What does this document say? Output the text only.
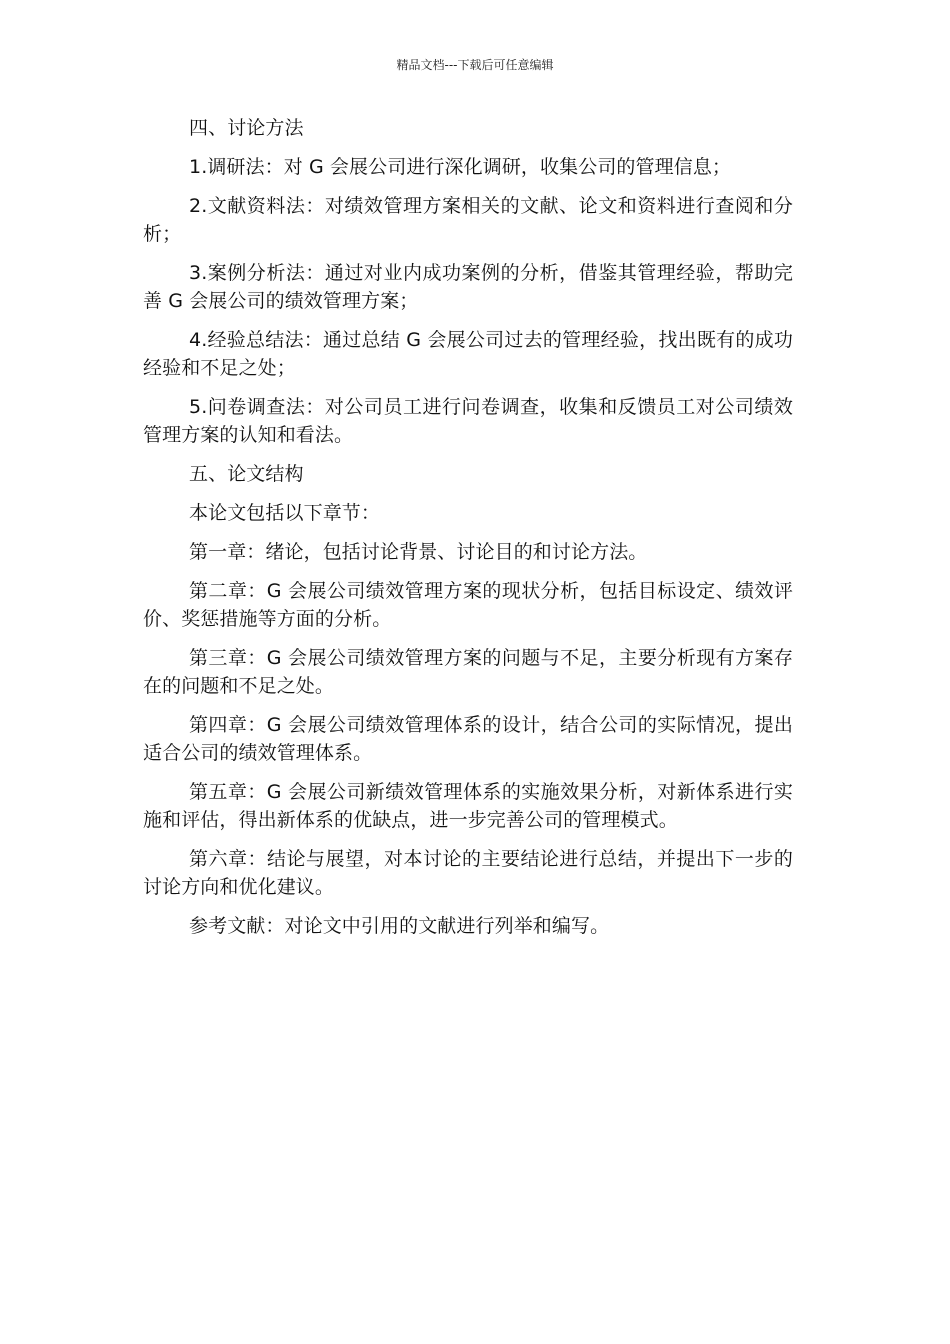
精品文档---下载后可任意编辑

四、讨论方法

1.调研法：对 G 会展公司进行深化调研，收集公司的管理信息；

2.文献资料法：对绩效管理方案相关的文献、论文和资料进行查阅和分析；

3.案例分析法：通过对业内成功案例的分析，借鉴其管理经验，帮助完善 G 会展公司的绩效管理方案；

4.经验总结法：通过总结 G 会展公司过去的管理经验，找出既有的成功经验和不足之处；

5.问卷调查法：对公司员工进行问卷调查，收集和反馈员工对公司绩效管理方案的认知和看法。

五、论文结构

本论文包括以下章节：

第一章：绪论，包括讨论背景、讨论目的和讨论方法。

第二章：G 会展公司绩效管理方案的现状分析，包括目标设定、绩效评价、奖惩措施等方面的分析。

第三章：G 会展公司绩效管理方案的问题与不足，主要分析现有方案存在的问题和不足之处。

第四章：G 会展公司绩效管理体系的设计，结合公司的实际情况，提出适合公司的绩效管理体系。

第五章：G 会展公司新绩效管理体系的实施效果分析，对新体系进行实施和评估，得出新体系的优缺点，进一步完善公司的管理模式。

第六章：结论与展望，对本讨论的主要结论进行总结，并提出下一步的讨论方向和优化建议。

参考文献：对论文中引用的文献进行列举和编写。
